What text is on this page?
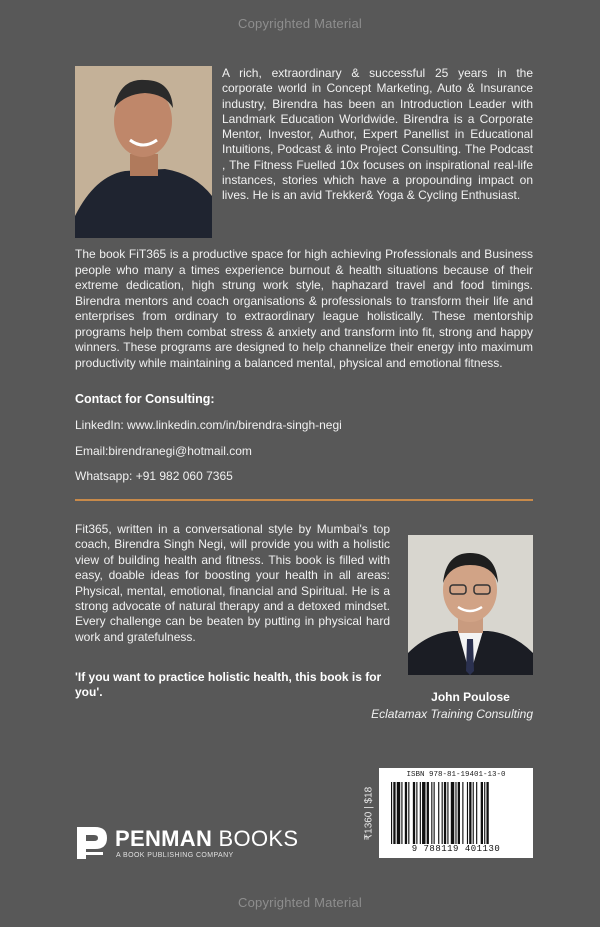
Copyrighted Material
A rich, extraordinary & successful 25 years in the corporate world in Concept Marketing, Auto & Insurance industry, Birendra has been an Introduction Leader with Landmark Education Worldwide. Birendra is a Corporate Mentor, Investor, Author, Expert Panellist in Educational Intuitions, Podcast & into Project Consulting. The Podcast , The Fitness Fuelled 10x focuses on inspirational real-life instances, stories which have a propounding impact on lives. He is an avid Trekker& Yoga & Cycling Enthusiast.
The book FiT365 is a productive space for high achieving Professionals and Business people who many a times experience burnout & health situations because of their extreme dedication, high strung work style, haphazard travel and food timings. Birendra mentors and coach organisations & professionals to transform their life and enterprises from ordinary to extraordinary league holistically. These mentorship programs help them combat stress & anxiety and transform into fit, strong and happy winners. These programs are designed to help channelize their energy into maximum productivity while maintaining a balanced mental, physical and emotional fitness.
Contact for Consulting:
LinkedIn: www.linkedin.com/in/birendra-singh-negi
Email:birendranegi@hotmail.com
Whatsapp: +91 982 060 7365
Fit365, written in a conversational style by Mumbai's top coach, Birendra Singh Negi, will provide you with a holistic view of building health and fitness. This book is filled with easy, doable ideas for boosting your health in all areas: Physical, mental, emotional, financial and Spiritual. He is a strong advocate of natural therapy and a detoxed mindset. Every challenge can be beaten by putting in physical hard work and gratefulness.
'If you want to practice holistic health, this book is for you'.	John Poulose
Eclatamax Training Consulting
₹1360 | $18
ISBN 978-81-19401-13-0
9 788119 401130
PENMAN BOOKS
A BOOK PUBLISHING COMPANY
Copyrighted Material
